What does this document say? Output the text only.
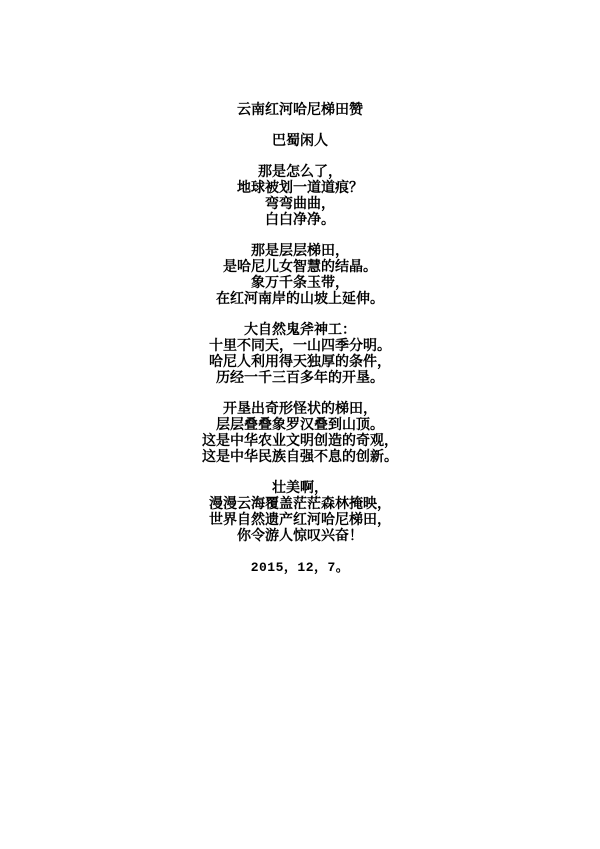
云南红河哈尼梯田赞
巴蜀闲人
那是怎么了，
地球被划一道道痕？
弯弯曲曲，
白白净净。
那是层层梯田，
是哈尼儿女智慧的结晶。
象万千条玉带，
在红河南岸的山坡上延伸。
大自然鬼斧神工：
十里不同天，一山四季分明。
哈尼人利用得天独厚的条件，
历经一千三百多年的开垦。
开垦出奇形怪状的梯田，
层层叠叠象罗汉叠到山顶。
这是中华农业文明创造的奇观，
这是中华民族自强不息的创新。
壮美啊，
漫漫云海覆盖茫茫森林掩映，
世界自然遗产红河哈尼梯田，
你令游人惊叹兴奋！
2015，12，7。
